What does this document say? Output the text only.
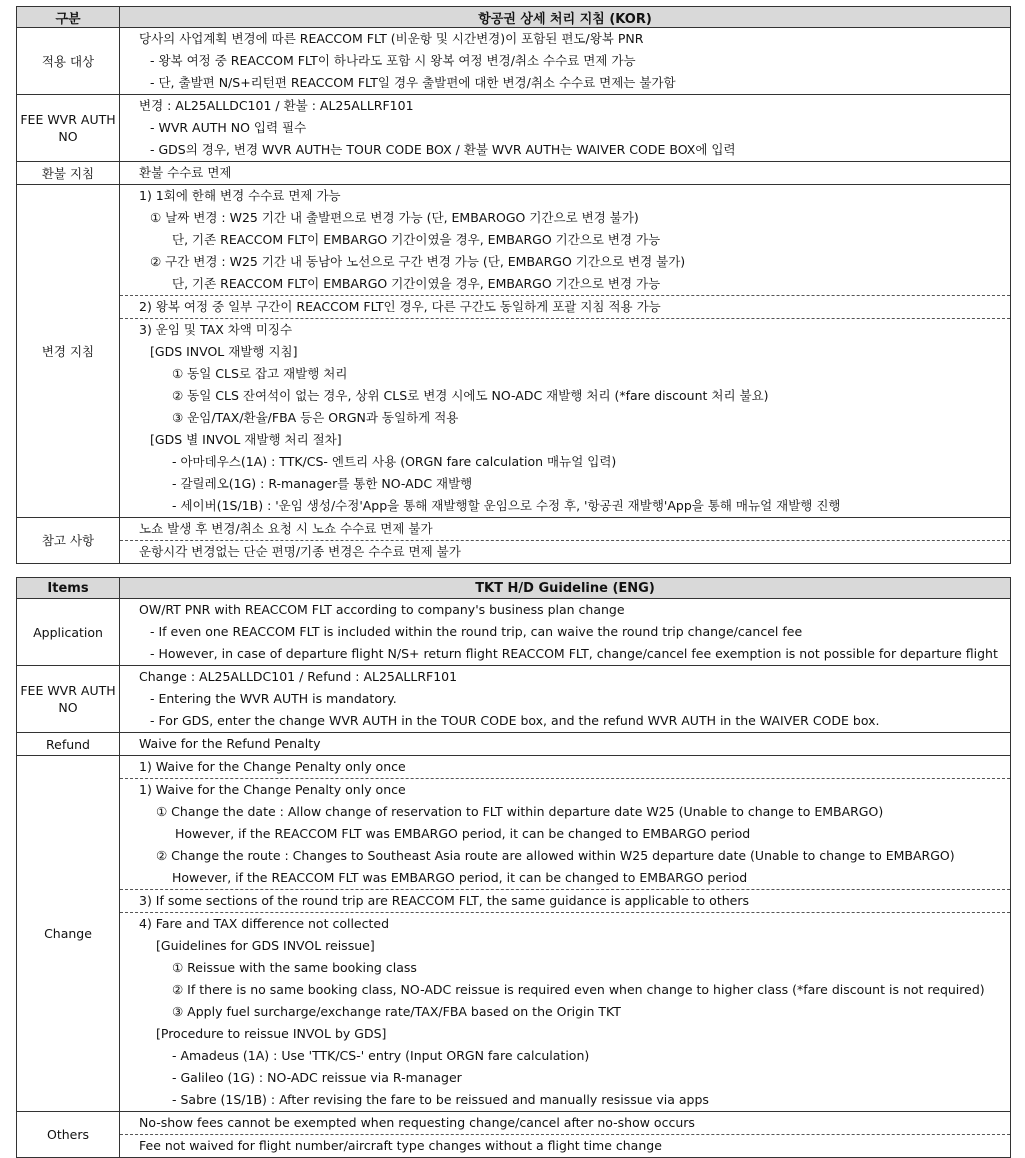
구분	항공권 상세 처리 지침 (KOR)
적용 대상	당사의 사업계획 변경에 따른 REACCOM FLT (비운항 및 시간변경)이 포함된 편도/왕복 PNR

	- 왕복 여정 중 REACCOM FLT이 하나라도 포함 시 왕복 여정 변경/취소 수수료 면제 가능

	- 단, 출발편 N/S+리턴편 REACCOM FLT일 경우 출발편에 대한 변경/취소 수수료 면제는 불가함

FEE WVR AUTH NO	변경 : AL25ALLDC101 / 환불 : AL25ALLRF101

	- WVR AUTH NO 입력 필수

	- GDS의 경우, 변경 WVR AUTH는 TOUR CODE BOX / 환불 WVR AUTH는 WAIVER CODE BOX에 입력

환불 지침	환불 수수료 면제

변경 지침	1) 1회에 한해 변경 수수료 면제 가능

	① 날짜 변경 : W25 기간 내 출발편으로 변경 가능 (단, EMBAROGO 기간으로 변경 불가)

	단, 기존 REACCOM FLT이 EMBARGO 기간이였을 경우, EMBARGO 기간으로 변경 가능

	② 구간 변경 : W25 기간 내 동남아 노선으로 구간 변경 가능 (단, EMBARGO 기간으로 변경 불가)

	단, 기존 REACCOM FLT이 EMBARGO 기간이였을 경우, EMBARGO 기간으로 변경 가능

	2) 왕복 여정 중 일부 구간이 REACCOM FLT인 경우, 다른 구간도 동일하게 포괄 지침 적용 가능

	3) 운임 및 TAX 차액 미징수

	[GDS INVOL 재발행 지침]

	① 동일 CLS로 잡고 재발행 처리

	② 동일 CLS 잔여석이 없는 경우, 상위 CLS로 변경 시에도 NO-ADC 재발행 처리 (*fare discount 처리 불요)

	③ 운임/TAX/환율/FBA 등은 ORGN과 동일하게 적용

	[GDS 별 INVOL 재발행 처리 절차]

	- 아마데우스(1A) : TTK/CS- 엔트리 사용 (ORGN fare calculation 매뉴얼 입력)

	- 갈릴레오(1G) : R-manager를 통한 NO-ADC 재발행

	- 세이버(1S/1B) : '운임 생성/수정'App을 통해 재발행할 운임으로 수정 후, '항공권 재발행'App을 통해 매뉴얼 재발행 진행

참고 사항	노쇼 발생 후 변경/취소 요청 시 노쇼 수수료 면제 불가

	운항시각 변경없는 단순 편명/기종 변경은 수수료 면제 불가
Items	TKT H/D Guideline (ENG)
Application	OW/RT PNR with REACCOM FLT according to company's business plan change

	- If even one REACCOM FLT is included within the round trip, can waive the round trip change/cancel fee

	- However, in case of departure flight N/S+ return flight REACCOM FLT, change/cancel fee exemption is not possible for departure flight

FEE WVR AUTH NO	Change : AL25ALLDC101 / Refund : AL25ALLRF101

	- Entering the WVR AUTH is mandatory.

	- For GDS, enter the change WVR AUTH in the TOUR CODE box, and the refund WVR AUTH in the WAIVER CODE box.

Refund	Waive for the Refund Penalty

Change	1) Waive for the Change Penalty only once

	1) Waive for the Change Penalty only once

	① Change the date : Allow change of reservation to FLT within departure date W25 (Unable to change to EMBARGO)

	However, if the REACCOM FLT was EMBARGO period, it can be changed to EMBARGO period

	② Change the route : Changes to Southeast Asia route are allowed within W25 departure date (Unable to change to EMBARGO)

	However, if the REACCOM FLT was EMBARGO period, it can be changed to EMBARGO period

	3) If some sections of the round trip are REACCOM FLT, the same guidance is applicable to others

	4) Fare and TAX difference not collected

	[Guidelines for GDS INVOL reissue]

	① Reissue with the same booking class

	② If there is no same booking class, NO-ADC reissue is required even when change to higher class (*fare discount is not required)

	③ Apply fuel surcharge/exchange rate/TAX/FBA based on the Origin TKT

	[Procedure to reissue INVOL by GDS]

	- Amadeus (1A) : Use 'TTK/CS-' entry (Input ORGN fare calculation)

	- Galileo (1G) : NO-ADC reissue via R-manager

	- Sabre (1S/1B) : After revising the fare to be reissued and manually resissue via apps

Others	No-show fees cannot be exempted when requesting change/cancel after no-show occurs

	Fee not waived for flight number/aircraft type changes without a flight time change
